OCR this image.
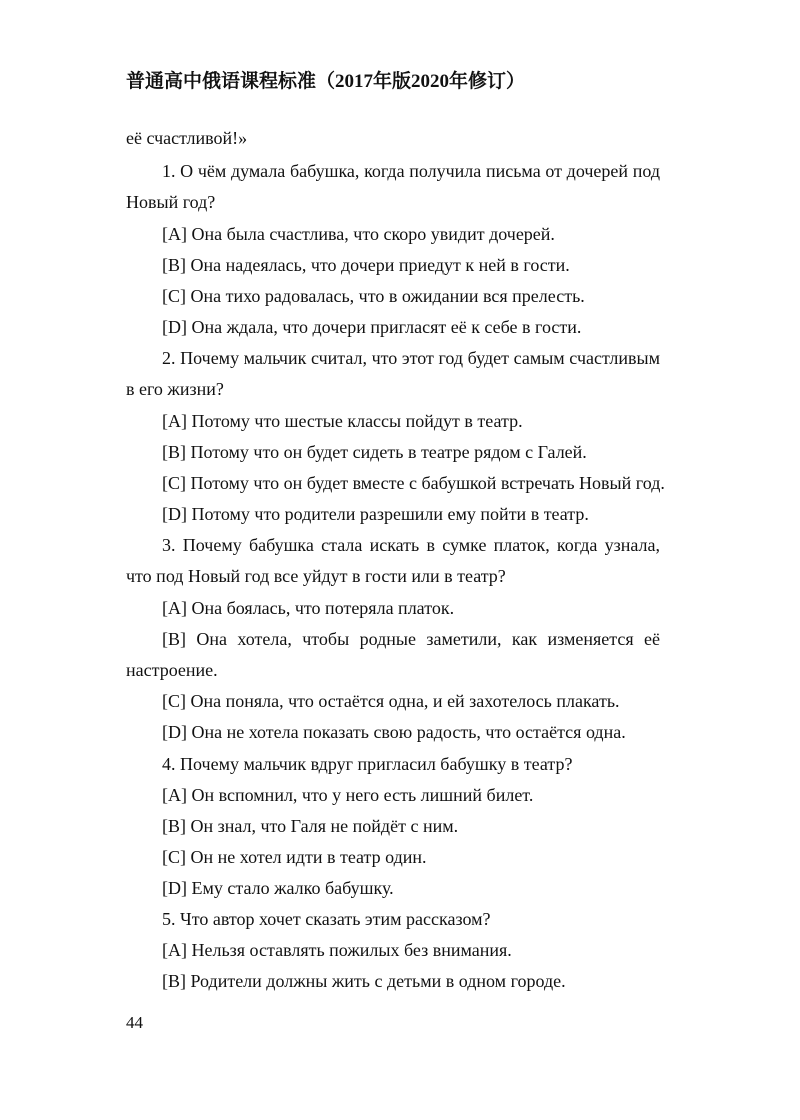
普通高中俄语课程标准（2017年版2020年修订）
её счастливой!»
1. О чём думала бабушка, когда получила письма от дочерей под
Новый год?
[A] Она была счастлива, что скоро увидит дочерей.
[B] Она надеялась, что дочери приедут к ней в гости.
[C] Она тихо радовалась, что в ожидании вся прелесть.
[D] Она ждала, что дочери пригласят её к себе в гости.
2. Почему мальчик считал, что этот год будет самым счастливым
в его жизни?
[A] Потому что шестые классы пойдут в театр.
[B] Потому что он будет сидеть в театре рядом с Галей.
[C] Потому что он будет вместе с бабушкой встречать Новый год.
[D] Потому что родители разрешили ему пойти в театр.
3. Почему бабушка стала искать в сумке платок, когда узнала,
что под Новый год все уйдут в гости или в театр?
[A] Она боялась, что потеряла платок.
[B] Она хотела, чтобы родные заметили, как изменяется её
настроение.
[C] Она поняла, что остаётся одна, и ей захотелось плакать.
[D] Она не хотела показать свою радость, что остаётся одна.
4. Почему мальчик вдруг пригласил бабушку в театр?
[A] Он вспомнил, что у него есть лишний билет.
[B] Он знал, что Галя не пойдёт с ним.
[C] Он не хотел идти в театр один.
[D] Ему стало жалко бабушку.
5. Что автор хочет сказать этим рассказом?
[A] Нельзя оставлять пожилых без внимания.
[B] Родители должны жить с детьми в одном городе.
44
